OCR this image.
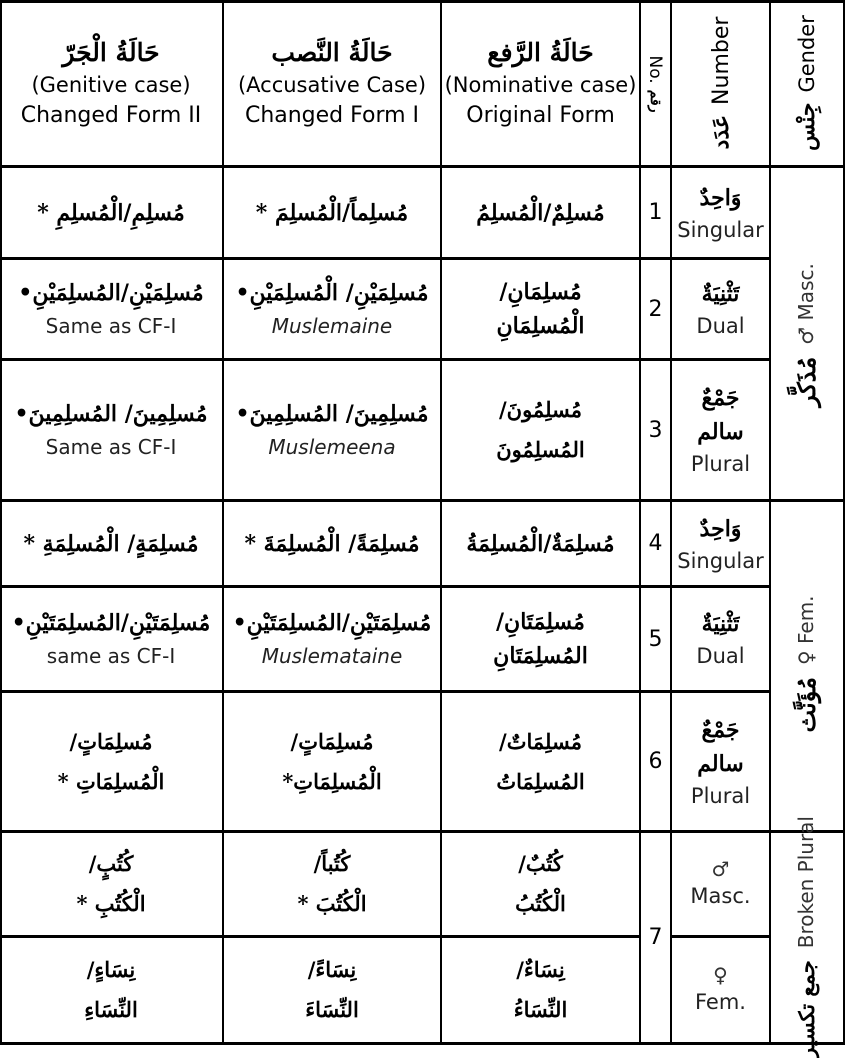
حَالَةُ الْجَرّ
(Genitive case)
Changed Form II
حَالَةُ النَّصب
(Accusative Case)
Changed Form I
حَالَةُ الرَّفع
(Nominative case)
Original Form
No.
رقم
عَدَد
Number
جِنْس
Gender
مُسلِمِ/الْمُسلِمِ *	مُسلِماً/الْمُسلِمَ *	مُسلِمٌ/الْمُسلِمُ 1
وَاحِدٌ
Singular
مُسلِمَيْنِ/المُسلِمَيْنِ•
Same as CF-I
مُسلِمَيْنِ/ الْمُسلِمَيْنِ•
Muslemaine
مُسلِمَانِ/
الْمُسلِمَانِ
2
تَثْنِيَةٌ
Dual
مُسلِمِينَ/ المُسلِمِينَ•
Same as CF-I
مُسلِمِينَ/ المُسلِمِينَ•
Muslemeena
مُسلِمُونَ/
المُسلِمُونَ
3
جَمْعٌ
سالم
Plural
مُذَكَّر
♂ Masc.
مُسلِمَةٍ/ الْمُسلِمَةِ * مُسلِمَةً/ الْمُسلِمَةَ * مُسلِمَةٌ/الْمُسلِمَةُ 4
وَاحِدٌ
Singular
مُسلِمَتَيْنِ/المُسلِمَتَيْنِ•
same as CF-I
مُسلِمَتَيْنِ/المُسلِمَتَيْنِ•
Muslemataine
مُسلِمَتَانِ/
المُسلِمَتَانِ
5
تَثْنِيَةٌ
Dual
مُسلِمَاتٍ/
الْمُسلِمَاتِ *
مُسلِمَاتٍ/
الْمُسلِمَاتِ*
مُسلِمَاتٌ/
المُسلِمَاتُ
6
جَمْعٌ
سالم
Plural
مُؤَنَّث
♀ Fem.
كُتُبٍ/
الْكُتُبِ *
كُتُباً/
الْكُتُبَ *
كُتُبٌ/
الْكُتُبُ
7
♂
Masc.
نِسَاءٍ/
النِّسَاءِ
نِسَاءً/
النِّسَاءَ
نِسَاءٌ/
النِّسَاءُ
♀
Fem. جمع تكسير
Broken Plural
